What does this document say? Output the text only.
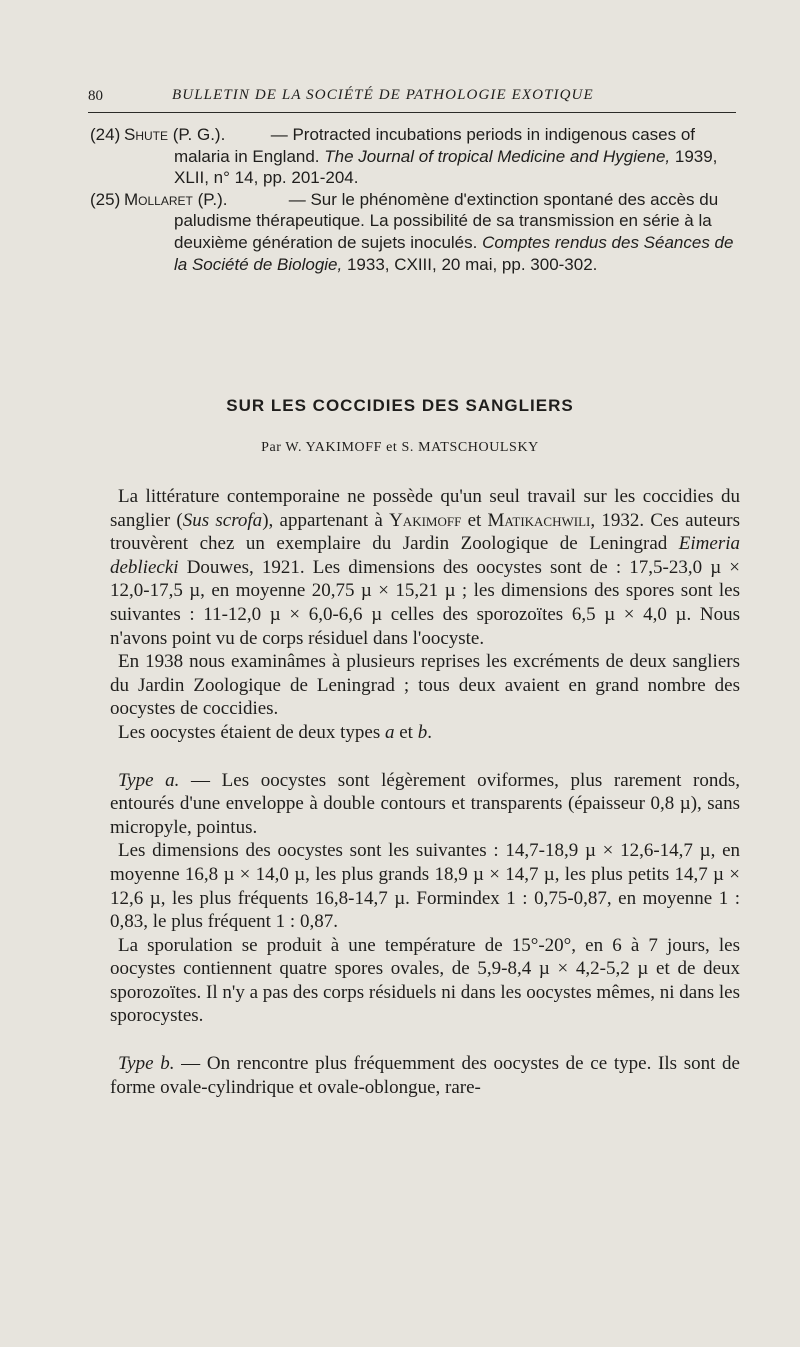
80	BULLETIN DE LA SOCIÉTÉ DE PATHOLOGIE EXOTIQUE

(24) Shute (P. G.). — Protracted incubations periods in indigenous cases of malaria in England. The Journal of tropical Medicine and Hygiene, 1939, XLII, n° 14, pp. 201-204.

(25) Mollaret (P.).	— Sur le phénomène d'extinction spontané des accès du paludisme thérapeutique. La possibilité de sa transmission en série à la deuxième génération de sujets inoculés. Comptes rendus des Séances de la Société de Biologie, 1933, CXIII, 20 mai, pp. 300-302.

SUR LES COCCIDIES DES SANGLIERS
Par W. YAKIMOFF et S. MATSCHOULSKY

La littérature contemporaine ne possède qu'un seul travail sur les coccidies du sanglier (Sus scrofa), appartenant à Yakimoff et Matikachwili, 1932. Ces auteurs trouvèrent chez un exemplaire du Jardin Zoologique de Leningrad Eimeria debliecki Douwes, 1921. Les dimensions des oocystes sont de : 17,5-23,0 µ × 12,0-17,5 µ, en moyenne 20,75 µ × 15,21 µ ; les dimensions des spores sont les suivantes : 11-12,0 µ × 6,0-6,6 µ celles des sporozoïtes 6,5 µ × 4,0 µ. Nous n'avons point vu de corps résiduel dans l'oocyste.

En 1938 nous examinâmes à plusieurs reprises les excréments de deux sangliers du Jardin Zoologique de Leningrad ; tous deux avaient en grand nombre des oocystes de coccidies.

Les oocystes étaient de deux types a et b.

Type a. — Les oocystes sont légèrement oviformes, plus rarement ronds, entourés d'une enveloppe à double contours et transparents (épaisseur 0,8 µ), sans micropyle, pointus.

Les dimensions des oocystes sont les suivantes : 14,7-18,9 µ × 12,6-14,7 µ, en moyenne 16,8 µ × 14,0 µ, les plus grands 18,9 µ × 14,7 µ, les plus petits 14,7 µ × 12,6 µ, les plus fréquents 16,8-14,7 µ. Formindex 1 : 0,75-0,87, en moyenne 1 : 0,83, le plus fréquent 1 : 0,87.

La sporulation se produit à une température de 15°-20°, en 6 à 7 jours, les oocystes contiennent quatre spores ovales, de 5,9-8,4 µ × 4,2-5,2 µ et de deux sporozoïtes. Il n'y a pas des corps résiduels ni dans les oocystes mêmes, ni dans les sporocystes.

Type b. — On rencontre plus fréquemment des oocystes de ce type. Ils sont de forme ovale-cylindrique et ovale-oblongue, rare-
